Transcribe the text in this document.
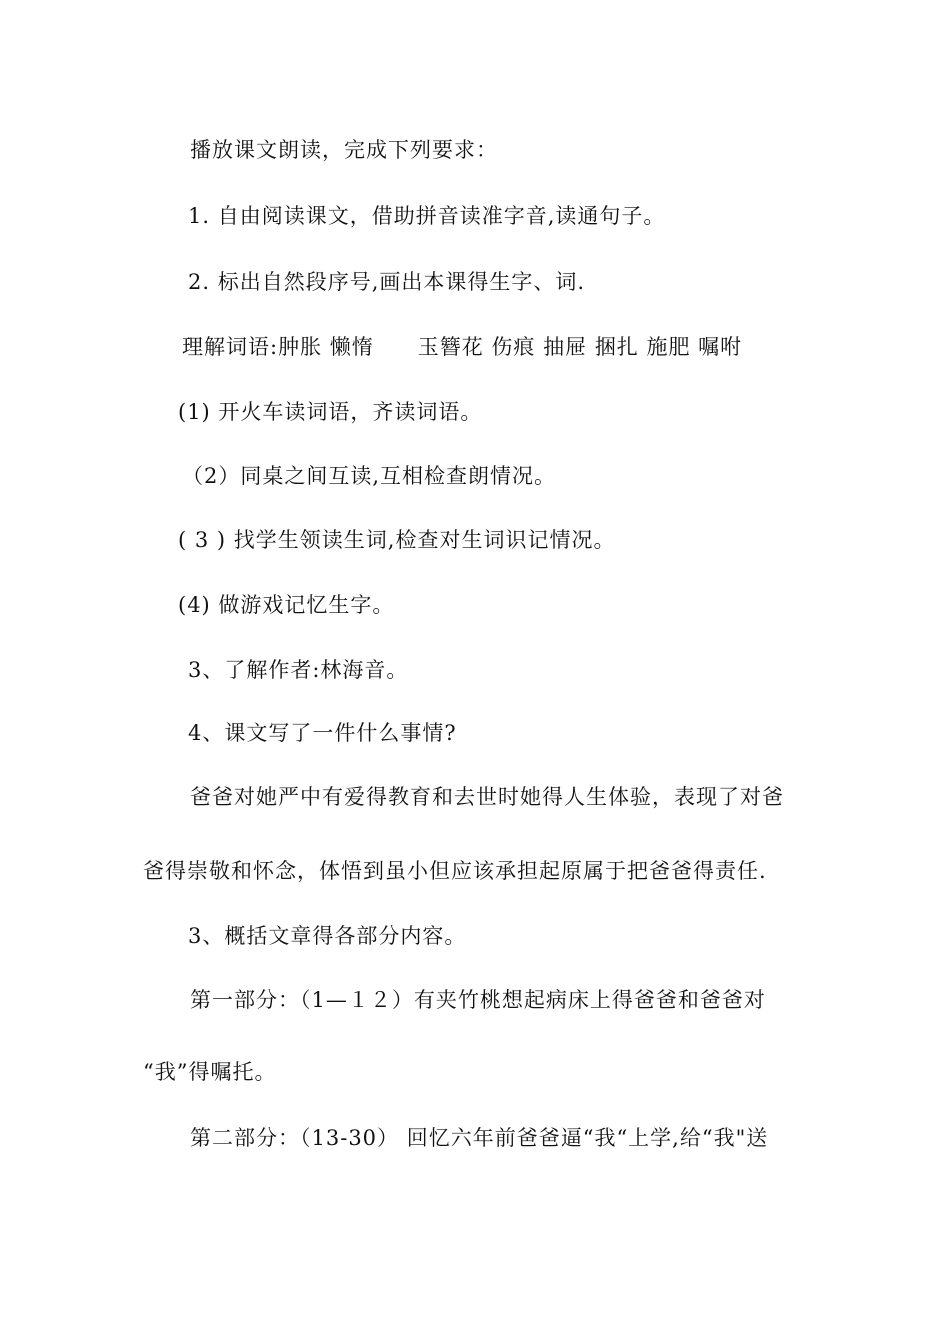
播放课文朗读，完成下列要求：
1. 自由阅读课文，借助拼音读准字音,读通句子。
2. 标出自然段序号,画出本课得生字、词.
理解词语:肿胀 懒惰 玉簪花 伤痕 抽屉 捆扎 施肥 嘱咐
(1) 开火车读词语，齐读词语。
（2）同桌之间互读,互相检查朗情况。
( 3 ) 找学生领读生词,检查对生词识记情况。
(4) 做游戏记忆生字。
3、了解作者:林海音。
4、课文写了一件什么事情?
爸爸对她严中有爱得教育和去世时她得人生体验，表现了对爸
爸得崇敬和怀念，体悟到虽小但应该承担起原属于把爸爸得责任.
3、概括文章得各部分内容。
第一部分：（1—１２）有夹竹桃想起病床上得爸爸和爸爸对
“我”得嘱托。
第二部分：（13-30） 回忆六年前爸爸逼“我“上学,给“我"送
